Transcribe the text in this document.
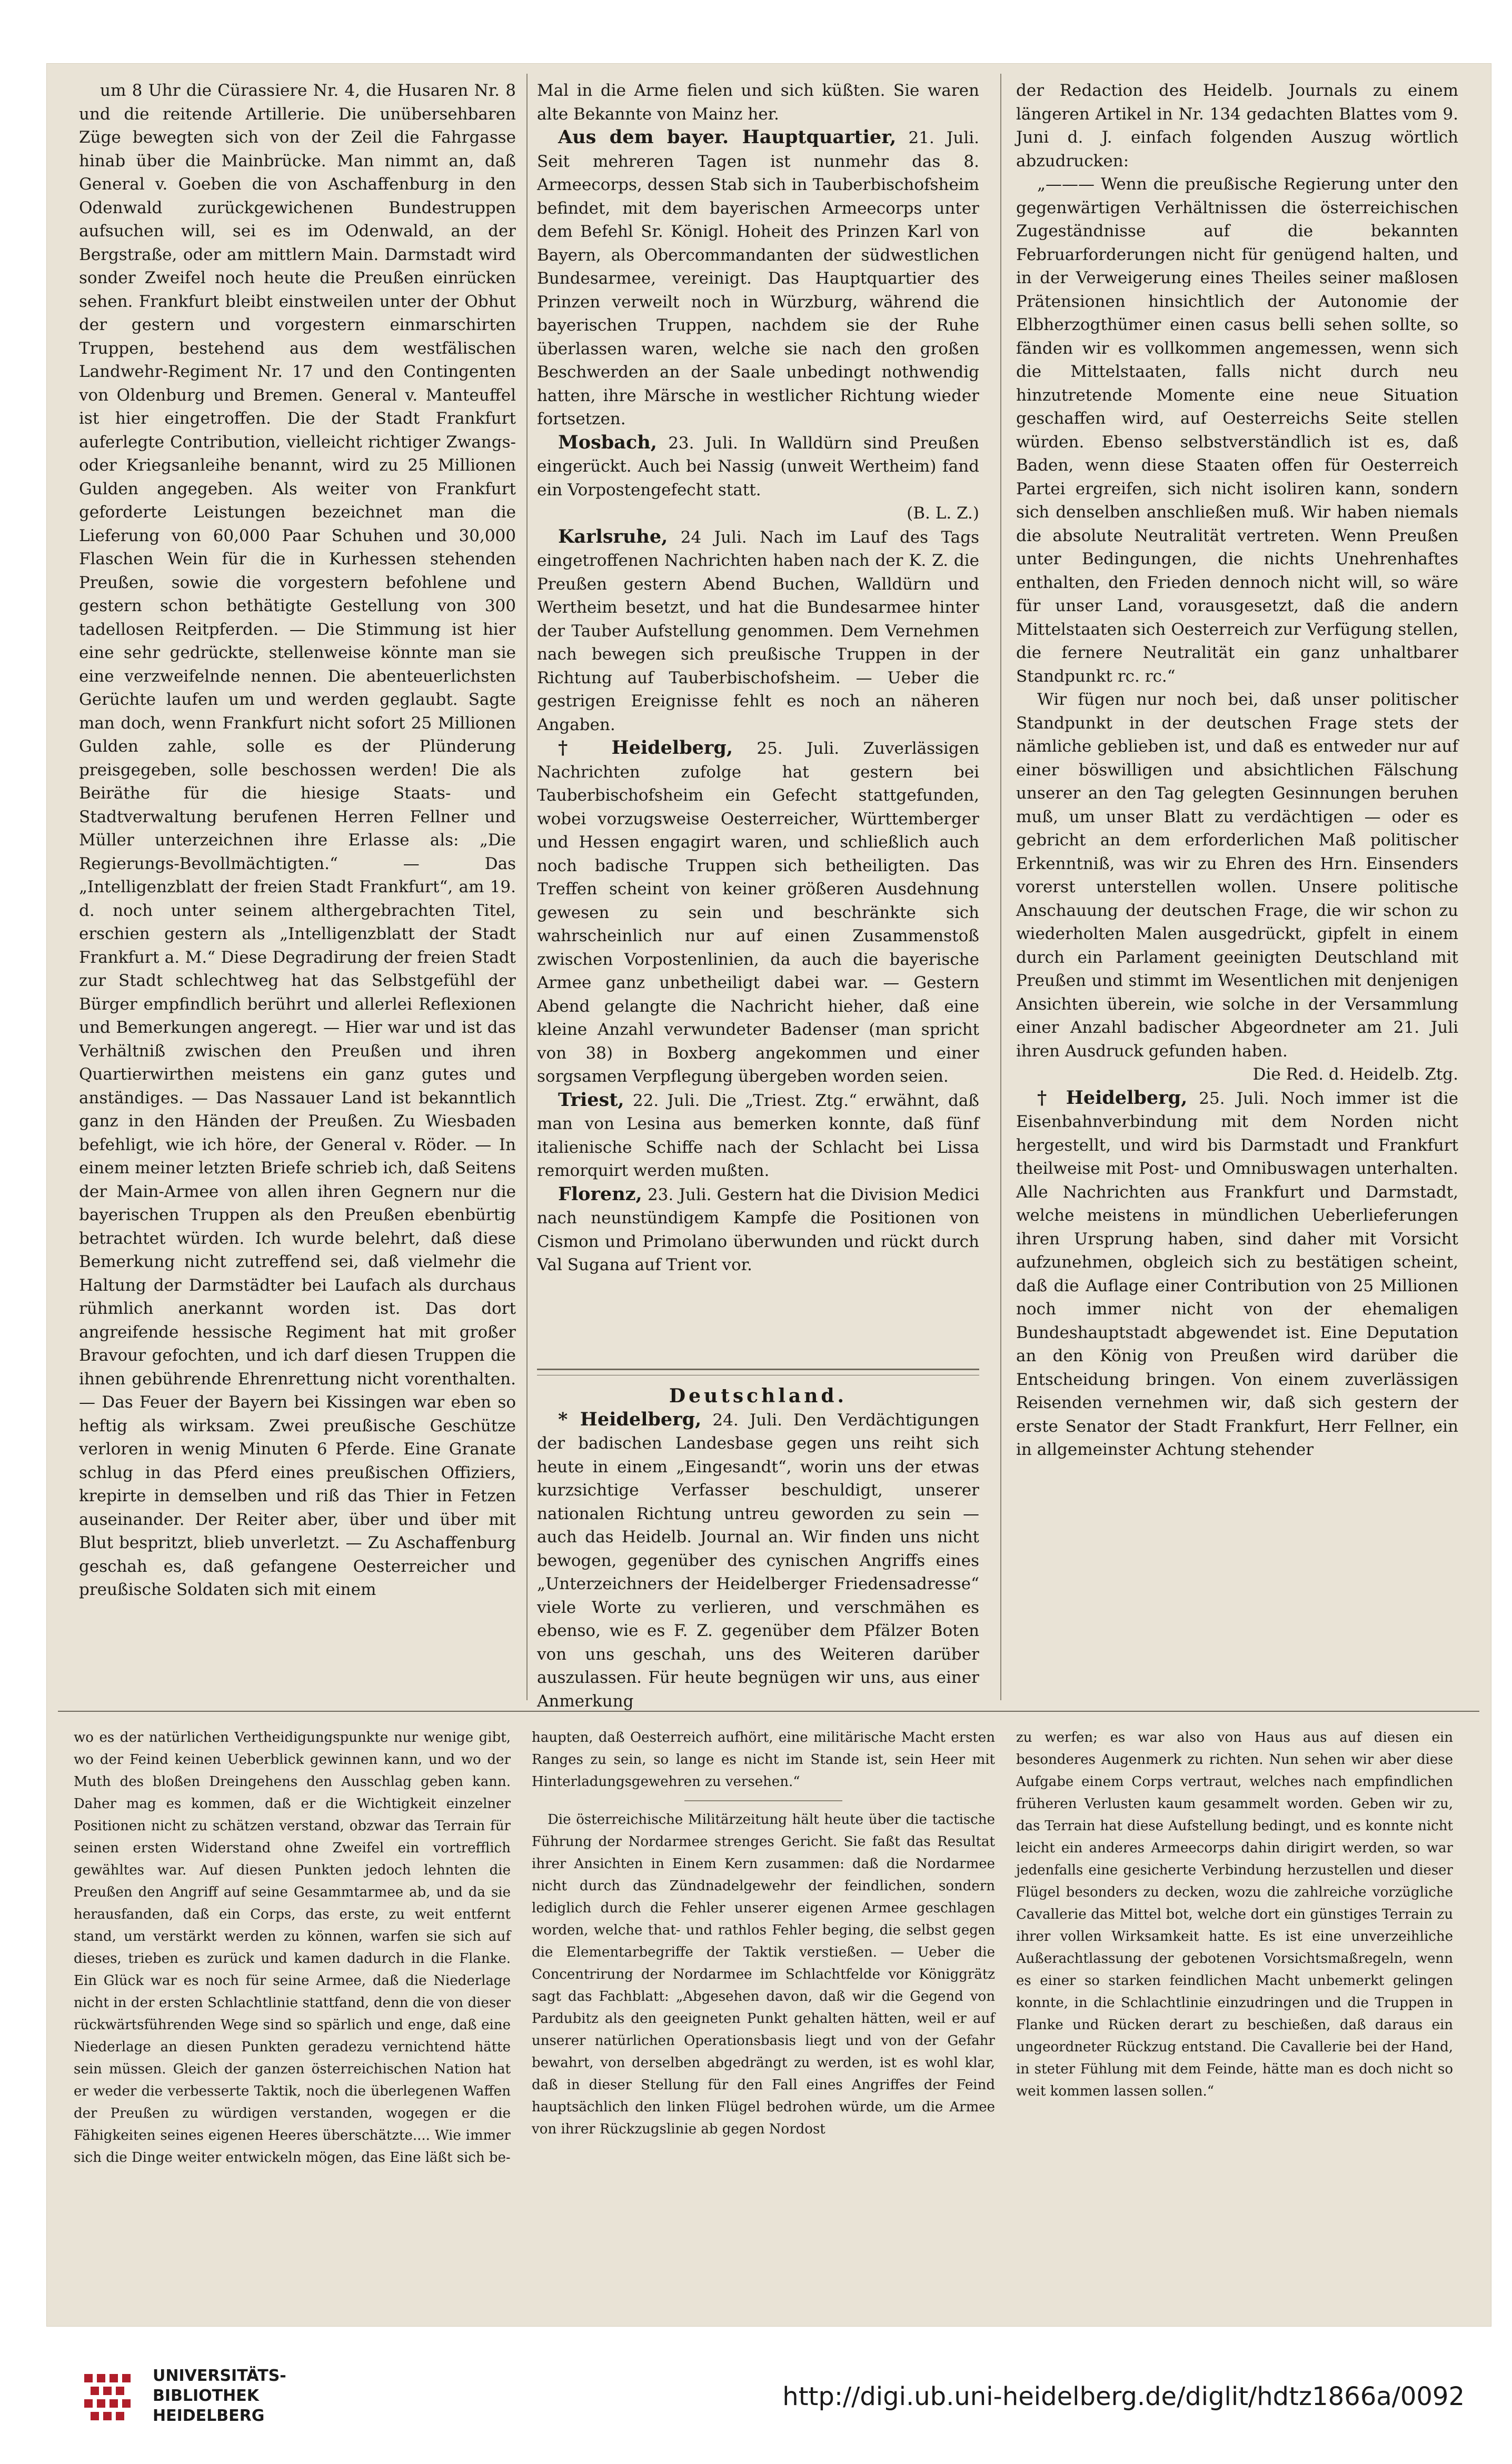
um 8 Uhr die Cürassiere Nr. 4, die Husaren Nr. 8 und die reitende Artillerie. Die unübersehbaren Züge bewegten sich von der Zeil die Fahrgasse hinab über die Mainbrücke. Man nimmt an, daß General v. Goeben die von Aschaffenburg in den Odenwald zurückgewichenen Bundestruppen aufsuchen will, sei es im Odenwald, an der Bergstraße, oder am mittlern Main. Darmstadt wird sonder Zweifel noch heute die Preußen einrücken sehen. Frankfurt bleibt einstweilen unter der Obhut der gestern und vorgestern einmarschirten Truppen, bestehend aus dem westfälischen Landwehr-Regiment Nr. 17 und den Contingenten von Oldenburg und Bremen. General v. Manteuffel ist hier eingetroffen. Die der Stadt Frankfurt auferlegte Contribution, vielleicht richtiger Zwangs- oder Kriegsanleihe benannt, wird zu 25 Millionen Gulden angegeben. Als weiter von Frankfurt geforderte Leistungen bezeichnet man die Lieferung von 60,000 Paar Schuhen und 30,000 Flaschen Wein für die in Kurhessen stehenden Preußen, sowie die vorgestern befohlene und gestern schon bethätigte Gestellung von 300 tadellosen Reitpferden. — Die Stimmung ist hier eine sehr gedrückte, stellenweise könnte man sie eine verzweifelnde nennen. Die abenteuerlichsten Gerüchte laufen um und werden geglaubt. Sagte man doch, wenn Frankfurt nicht sofort 25 Millionen Gulden zahle, solle es der Plünderung preisgegeben, solle beschossen werden! Die als Beiräthe für die hiesige Staats- und Stadtverwaltung berufenen Herren Fellner und Müller unterzeichnen ihre Erlasse als: „Die Regierungs-Bevollmächtigten.“ — Das „Intelligenzblatt der freien Stadt Frankfurt“, am 19. d. noch unter seinem althergebrachten Titel, erschien gestern als „Intelligenzblatt der Stadt Frankfurt a. M.“ Diese Degradirung der freien Stadt zur Stadt schlechtweg hat das Selbstgefühl der Bürger empfindlich berührt und allerlei Reflexionen und Bemerkungen angeregt. — Hier war und ist das Verhältniß zwischen den Preußen und ihren Quartierwirthen meistens ein ganz gutes und anständiges. — Das Nassauer Land ist bekanntlich ganz in den Händen der Preußen. Zu Wiesbaden befehligt, wie ich höre, der General v. Röder. — In einem meiner letzten Briefe schrieb ich, daß Seitens der Main-Armee von allen ihren Gegnern nur die bayerischen Truppen als den Preußen ebenbürtig betrachtet würden. Ich wurde belehrt, daß diese Bemerkung nicht zutreffend sei, daß vielmehr die Haltung der Darmstädter bei Laufach als durchaus rühmlich anerkannt worden ist. Das dort angreifende hessische Regiment hat mit großer Bravour gefochten, und ich darf diesen Truppen die ihnen gebührende Ehrenrettung nicht vorenthalten. — Das Feuer der Bayern bei Kissingen war eben so heftig als wirksam. Zwei preußische Geschütze verloren in wenig Minuten 6 Pferde. Eine Granate schlug in das Pferd eines preußischen Offiziers, krepirte in demselben und riß das Thier in Fetzen auseinander. Der Reiter aber, über und über mit Blut bespritzt, blieb unverletzt. — Zu Aschaffenburg geschah es, daß gefangene Oesterreicher und preußische Soldaten sich mit einem

Mal in die Arme fielen und sich küßten. Sie waren alte Bekannte von Mainz her.

Aus dem bayer. Hauptquartier, 21. Juli. Seit mehreren Tagen ist nunmehr das 8. Armeecorps, dessen Stab sich in Tauberbischofsheim befindet, mit dem bayerischen Armeecorps unter dem Befehl Sr. Königl. Hoheit des Prinzen Karl von Bayern, als Obercommandanten der südwestlichen Bundesarmee, vereinigt. Das Hauptquartier des Prinzen verweilt noch in Würzburg, während die bayerischen Truppen, nachdem sie der Ruhe überlassen waren, welche sie nach den großen Beschwerden an der Saale unbedingt nothwendig hatten, ihre Märsche in westlicher Richtung wieder fortsetzen.

Mosbach, 23. Juli. In Walldürn sind Preußen eingerückt. Auch bei Nassig (unweit Wertheim) fand ein Vorpostengefecht statt.

(B. L. Z.)

Karlsruhe, 24 Juli. Nach im Lauf des Tags eingetroffenen Nachrichten haben nach der K. Z. die Preußen gestern Abend Buchen, Walldürn und Wertheim besetzt, und hat die Bundesarmee hinter der Tauber Aufstellung genommen. Dem Vernehmen nach bewegen sich preußische Truppen in der Richtung auf Tauberbischofsheim. — Ueber die gestrigen Ereignisse fehlt es noch an näheren Angaben.

† Heidelberg, 25. Juli. Zuverlässigen Nachrichten zufolge hat gestern bei Tauberbischofsheim ein Gefecht stattgefunden, wobei vorzugsweise Oesterreicher, Württemberger und Hessen engagirt waren, und schließlich auch noch badische Truppen sich betheiligten. Das Treffen scheint von keiner größeren Ausdehnung gewesen zu sein und beschränkte sich wahrscheinlich nur auf einen Zusammenstoß zwischen Vorpostenlinien, da auch die bayerische Armee ganz unbetheiligt dabei war. — Gestern Abend gelangte die Nachricht hieher, daß eine kleine Anzahl verwundeter Badenser (man spricht von 38) in Boxberg angekommen und einer sorgsamen Verpflegung übergeben worden seien.

Triest, 22. Juli. Die „Triest. Ztg.“ erwähnt, daß man von Lesina aus bemerken konnte, daß fünf italienische Schiffe nach der Schlacht bei Lissa remorquirt werden mußten.

Florenz, 23. Juli. Gestern hat die Division Medici nach neunstündigem Kampfe die Positionen von Cismon und Primolano überwunden und rückt durch Val Sugana auf Trient vor.

Deutschland.

* Heidelberg, 24. Juli. Den Verdächtigungen der badischen Landesbase gegen uns reiht sich heute in einem „Eingesandt“, worin uns der etwas kurzsichtige Verfasser beschuldigt, unserer nationalen Richtung untreu geworden zu sein — auch das Heidelb. Journal an. Wir finden uns nicht bewogen, gegenüber des cynischen Angriffs eines „Unterzeichners der Heidelberger Friedensadresse“ viele Worte zu verlieren, und verschmähen es ebenso, wie es F. Z. gegenüber dem Pfälzer Boten von uns geschah, uns des Weiteren darüber auszulassen. Für heute begnügen wir uns, aus einer Anmerkung

der Redaction des Heidelb. Journals zu einem längeren Artikel in Nr. 134 gedachten Blattes vom 9. Juni d. J. einfach folgenden Auszug wörtlich abzudrucken:

„——— Wenn die preußische Regierung unter den gegenwärtigen Verhältnissen die österreichischen Zugeständnisse auf die bekannten Februarforderungen nicht für genügend halten, und in der Verweigerung eines Theiles seiner maßlosen Prätensionen hinsichtlich der Autonomie der Elbherzogthümer einen casus belli sehen sollte, so fänden wir es vollkommen angemessen, wenn sich die Mittelstaaten, falls nicht durch neu hinzutretende Momente eine neue Situation geschaffen wird, auf Oesterreichs Seite stellen würden. Ebenso selbstverständlich ist es, daß Baden, wenn diese Staaten offen für Oesterreich Partei ergreifen, sich nicht isoliren kann, sondern sich denselben anschließen muß. Wir haben niemals die absolute Neutralität vertreten. Wenn Preußen unter Bedingungen, die nichts Unehrenhaftes enthalten, den Frieden dennoch nicht will, so wäre für unser Land, vorausgesetzt, daß die andern Mittelstaaten sich Oesterreich zur Verfügung stellen, die fernere Neutralität ein ganz unhaltbarer Standpunkt rc. rc.“

Wir fügen nur noch bei, daß unser politischer Standpunkt in der deutschen Frage stets der nämliche geblieben ist, und daß es entweder nur auf einer böswilligen und absichtlichen Fälschung unserer an den Tag gelegten Gesinnungen beruhen muß, um unser Blatt zu verdächtigen — oder es gebricht an dem erforderlichen Maß politischer Erkenntniß, was wir zu Ehren des Hrn. Einsenders vorerst unterstellen wollen. Unsere politische Anschauung der deutschen Frage, die wir schon zu wiederholten Malen ausgedrückt, gipfelt in einem durch ein Parlament geeinigten Deutschland mit Preußen und stimmt im Wesentlichen mit denjenigen Ansichten überein, wie solche in der Versammlung einer Anzahl badischer Abgeordneter am 21. Juli ihren Ausdruck gefunden haben.

Die Red. d. Heidelb. Ztg.

† Heidelberg, 25. Juli. Noch immer ist die Eisenbahnverbindung mit dem Norden nicht hergestellt, und wird bis Darmstadt und Frankfurt theilweise mit Post- und Omnibuswagen unterhalten. Alle Nachrichten aus Frankfurt und Darmstadt, welche meistens in mündlichen Ueberlieferungen ihren Ursprung haben, sind daher mit Vorsicht aufzunehmen, obgleich sich zu bestätigen scheint, daß die Auflage einer Contribution von 25 Millionen noch immer nicht von der ehemaligen Bundeshauptstadt abgewendet ist. Eine Deputation an den König von Preußen wird darüber die Entscheidung bringen. Von einem zuverlässigen Reisenden vernehmen wir, daß sich gestern der erste Senator der Stadt Frankfurt, Herr Fellner, ein in allgemeinster Achtung stehender

wo es der natürlichen Vertheidigungspunkte nur wenige gibt, wo der Feind keinen Ueberblick gewinnen kann, und wo der Muth des bloßen Dreingehens den Ausschlag geben kann. Daher mag es kommen, daß er die Wichtigkeit einzelner Positionen nicht zu schätzen verstand, obzwar das Terrain für seinen ersten Widerstand ohne Zweifel ein vortrefflich gewähltes war. Auf diesen Punkten jedoch lehnten die Preußen den Angriff auf seine Gesammtarmee ab, und da sie herausfanden, daß ein Corps, das erste, zu weit entfernt stand, um verstärkt werden zu können, warfen sie sich auf dieses, trieben es zurück und kamen dadurch in die Flanke. Ein Glück war es noch für seine Armee, daß die Niederlage nicht in der ersten Schlachtlinie stattfand, denn die von dieser rückwärtsführenden Wege sind so spärlich und enge, daß eine Niederlage an diesen Punkten geradezu vernichtend hätte sein müssen. Gleich der ganzen österreichischen Nation hat er weder die verbesserte Taktik, noch die überlegenen Waffen der Preußen zu würdigen verstanden, wogegen er die Fähigkeiten seines eigenen Heeres überschätzte.... Wie immer sich die Dinge weiter entwickeln mögen, das Eine läßt sich be-

haupten, daß Oesterreich aufhört, eine militärische Macht ersten Ranges zu sein, so lange es nicht im Stande ist, sein Heer mit Hinterladungsgewehren zu versehen.“

Die österreichische Militärzeitung hält heute über die tactische Führung der Nordarmee strenges Gericht. Sie faßt das Resultat ihrer Ansichten in Einem Kern zusammen: daß die Nordarmee nicht durch das Zündnadelgewehr der feindlichen, sondern lediglich durch die Fehler unserer eigenen Armee geschlagen worden, welche that- und rathlos Fehler beging, die selbst gegen die Elementarbegriffe der Taktik verstießen. — Ueber die Concentrirung der Nordarmee im Schlachtfelde vor Königgrätz sagt das Fachblatt: „Abgesehen davon, daß wir die Gegend von Pardubitz als den geeigneten Punkt gehalten hätten, weil er auf unserer natürlichen Operationsbasis liegt und von der Gefahr bewahrt, von derselben abgedrängt zu werden, ist es wohl klar, daß in dieser Stellung für den Fall eines Angriffes der Feind hauptsächlich den linken Flügel bedrohen würde, um die Armee von ihrer Rückzugslinie ab gegen Nordost

zu werfen; es war also von Haus aus auf diesen ein besonderes Augenmerk zu richten. Nun sehen wir aber diese Aufgabe einem Corps vertraut, welches nach empfindlichen früheren Verlusten kaum gesammelt worden. Geben wir zu, das Terrain hat diese Aufstellung bedingt, und es konnte nicht leicht ein anderes Armeecorps dahin dirigirt werden, so war jedenfalls eine gesicherte Verbindung herzustellen und dieser Flügel besonders zu decken, wozu die zahlreiche vorzügliche Cavallerie das Mittel bot, welche dort ein günstiges Terrain zu ihrer vollen Wirksamkeit hatte. Es ist eine unverzeihliche Außerachtlassung der gebotenen Vorsichtsmaßregeln, wenn es einer so starken feindlichen Macht unbemerkt gelingen konnte, in die Schlachtlinie einzudringen und die Truppen in Flanke und Rücken derart zu beschießen, daß daraus ein ungeordneter Rückzug entstand. Die Cavallerie bei der Hand, in steter Fühlung mit dem Feinde, hätte man es doch nicht so weit kommen lassen sollen.“

UNIVERSITÄTS-
BIBLIOTHEK
HEIDELBERG
http://digi.ub.uni-heidelberg.de/diglit/hdtz1866a/0092
